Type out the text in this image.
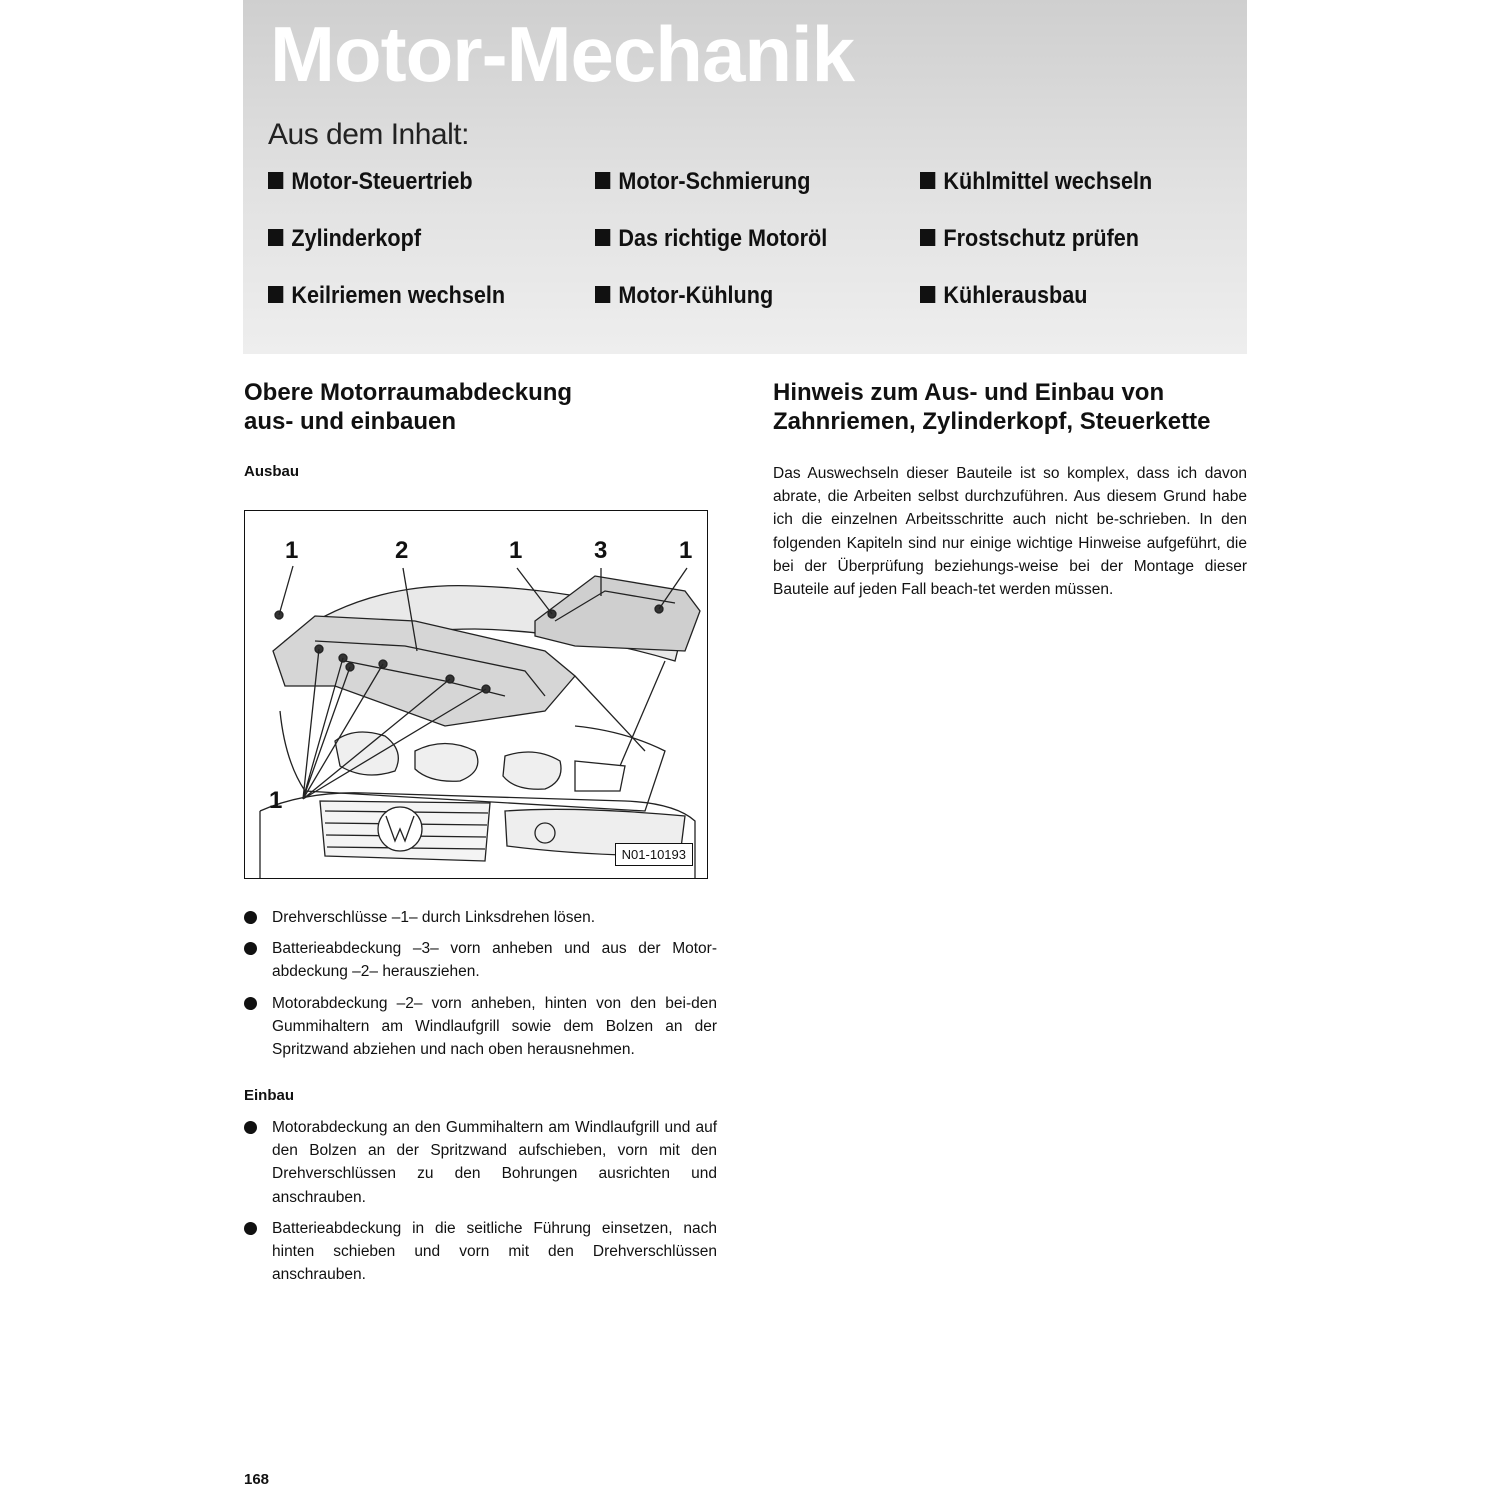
Motor-Mechanik
Aus dem Inhalt:
Motor-Steuertrieb	Motor-Schmierung	Kühlmittel wechseln
Zylinderkopf	Das richtige Motoröl	Frostschutz prüfen
Keilriemen wechseln	Motor-Kühlung	Kühlerausbau
Obere Motorraumabdeckung
aus- und einbauen
Ausbau
1	2	1	3	1
1
N01-10193
Drehverschlüsse –1– durch Linksdrehen lösen.
Batterieabdeckung –3– vorn anheben und aus der Motor-abdeckung –2– herausziehen.
Motorabdeckung –2– vorn anheben, hinten von den bei-den Gummihaltern am Windlaufgrill sowie dem Bolzen an der Spritzwand abziehen und nach oben herausnehmen.
Einbau
Motorabdeckung an den Gummihaltern am Windlaufgrill und auf den Bolzen an der Spritzwand aufschieben, vorn mit den Drehverschlüssen zu den Bohrungen ausrichten und anschrauben.
Batterieabdeckung in die seitliche Führung einsetzen, nach hinten schieben und vorn mit den Drehverschlüssen anschrauben.
Hinweis zum Aus- und Einbau von
Zahnriemen, Zylinderkopf, Steuerkette

Das Auswechseln dieser Bauteile ist so komplex, dass ich davon abrate, die Arbeiten selbst durchzuführen. Aus diesem Grund habe ich die einzelnen Arbeitsschritte auch nicht be-schrieben. In den folgenden Kapiteln sind nur einige wichtige Hinweise aufgeführt, die bei der Überprüfung beziehungs-weise bei der Montage dieser Bauteile auf jeden Fall beach-tet werden müssen.

168
